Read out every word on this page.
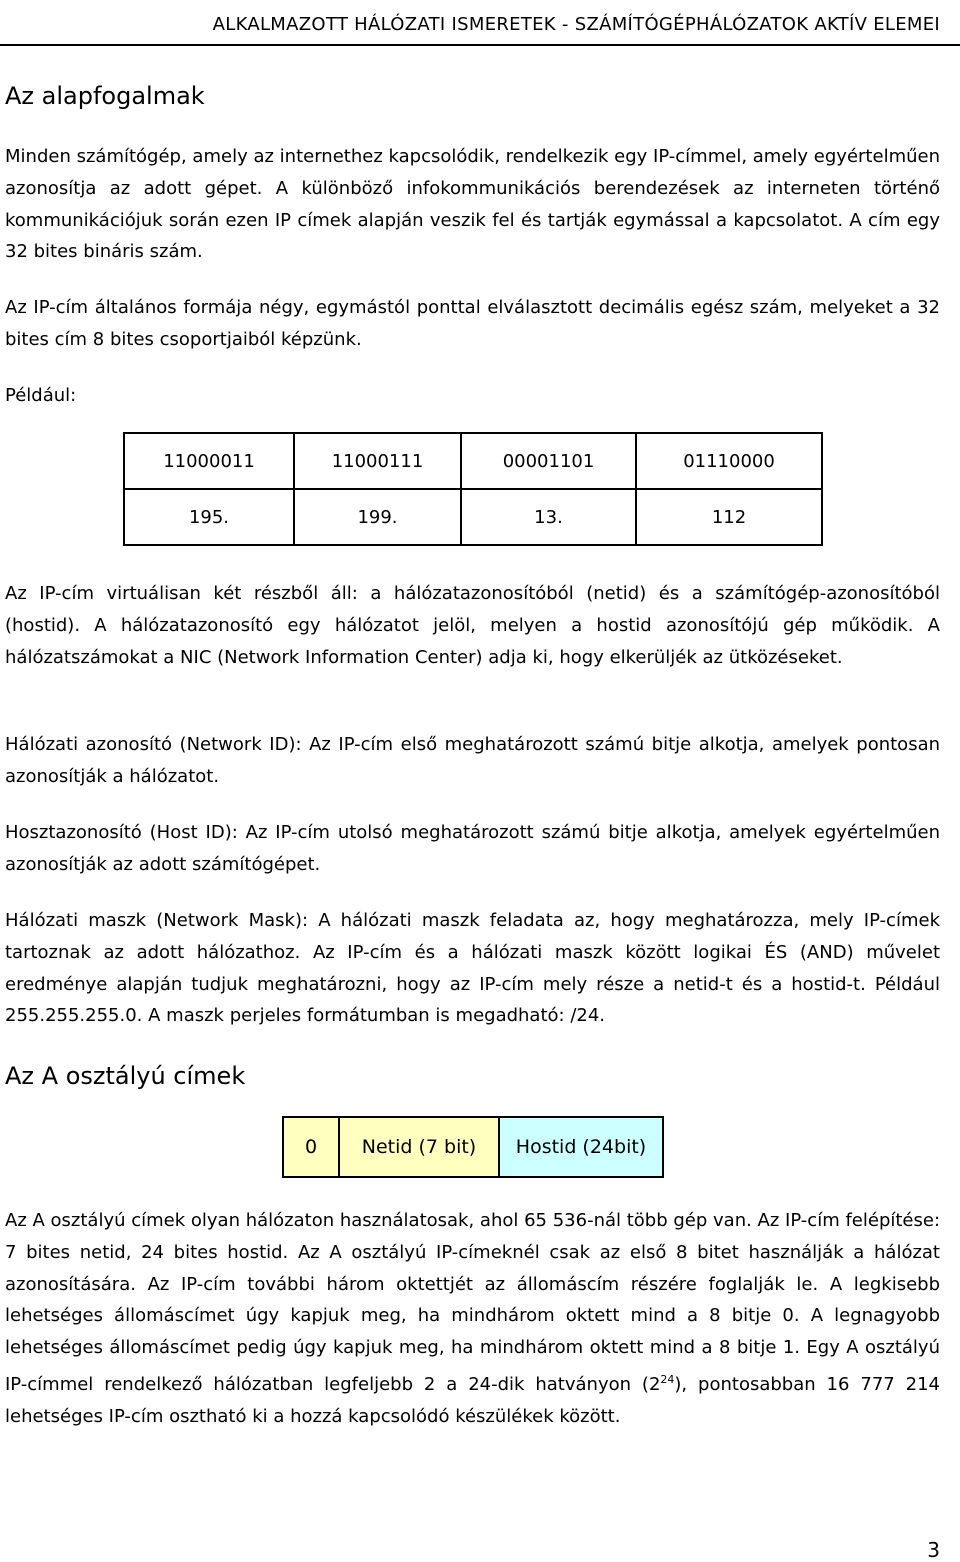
ALKALMAZOTT HÁLÓZATI ISMERETEK - SZÁMÍTÓGÉPHÁLÓZATOK AKTÍV ELEMEI
Az alapfogalmak
Minden számítógép, amely az internethez kapcsolódik, rendelkezik egy IP-címmel, amely egyértelműen azonosítja az adott gépet. A különböző infokommunikációs berendezések az interneten történő kommunikációjuk során ezen IP címek alapján veszik fel és tartják egymással a kapcsolatot. A cím egy 32 bites bináris szám.
Az IP-cím általános formája négy, egymástól ponttal elválasztott decimális egész szám, melyeket a 32 bites cím 8 bites csoportjaiból képzünk.
Például:
11000011	11000111	00001101	01110000
195.	199.	13.	112
Az IP-cím virtuálisan két részből áll: a hálózatazonosítóból (netid) és a számítógép-azonosítóból (hostid). A hálózatazonosító egy hálózatot jelöl, melyen a hostid azonosítójú gép működik. A hálózatszámokat a NIC (Network Information Center) adja ki, hogy elkerüljék az ütközéseket.
Hálózati azonosító (Network ID): Az IP-cím első meghatározott számú bitje alkotja, amelyek pontosan azonosítják a hálózatot.
Hosztazonosító (Host ID): Az IP-cím utolsó meghatározott számú bitje alkotja, amelyek egyértelműen azonosítják az adott számítógépet.
Hálózati maszk (Network Mask): A hálózati maszk feladata az, hogy meghatározza, mely IP-címek tartoznak az adott hálózathoz. Az IP-cím és a hálózati maszk között logikai ÉS (AND) művelet eredménye alapján tudjuk meghatározni, hogy az IP-cím mely része a netid-t és a hostid-t. Például 255.255.255.0. A maszk perjeles formátumban is megadható: /24.
Az A osztályú címek
0	Netid (7 bit)	Hostid (24bit)
Az A osztályú címek olyan hálózaton használatosak, ahol 65 536-nál több gép van. Az IP-cím felépítése: 7 bites netid, 24 bites hostid. Az A osztályú IP-címeknél csak az első 8 bitet használják a hálózat azonosítására. Az IP-cím további három oktettjét az állomáscím részére foglalják le. A legkisebb lehetséges állomáscímet úgy kapjuk meg, ha mindhárom oktett mind a 8 bitje 0. A legnagyobb lehetséges állomáscímet pedig úgy kapjuk meg, ha mindhárom oktett mind a 8 bitje 1. Egy A osztályú IP-címmel rendelkező hálózatban legfeljebb 2 a 24-dik hatványon $(2^{24})$, pontosabban 16 777 214 lehetséges IP-cím osztható ki a hozzá kapcsolódó készülékek között.
3
